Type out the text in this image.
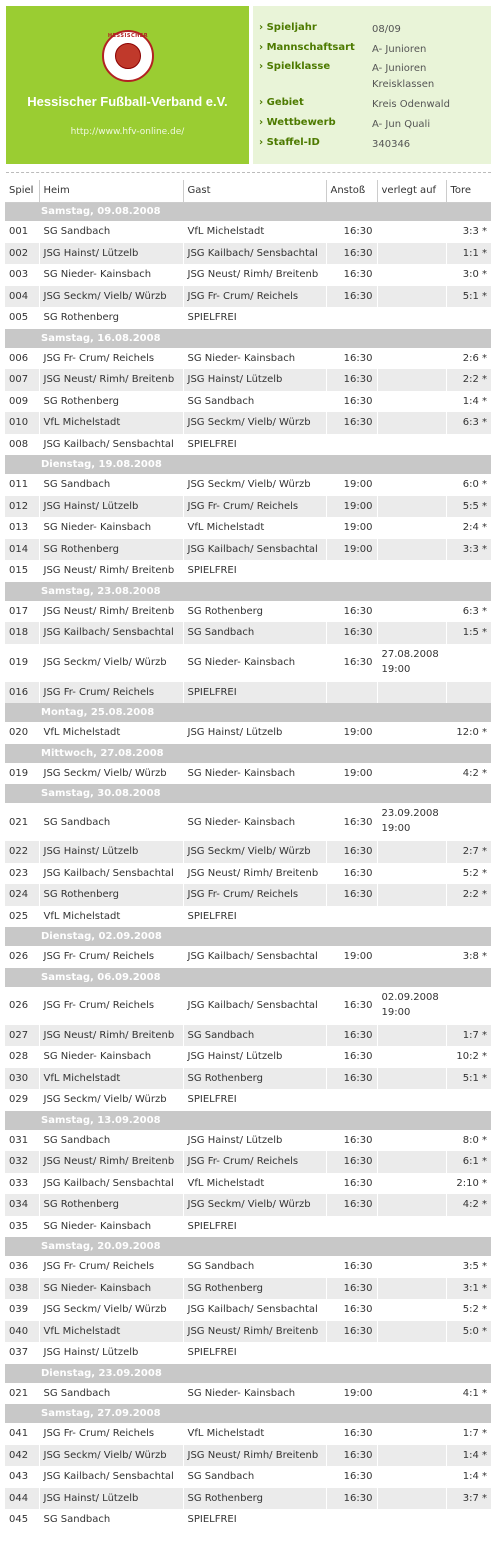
HESSISCHER
Hessischer Fußball-Verband e.V.
http://www.hfv-online.de/
› Spieljahr	08/09
› Mannschaftsart A- Junioren
› Spielklasse	A- Junioren Kreisklassen
› Gebiet	Kreis Odenwald
› Wettbewerb	A- Jun Quali
› Staffel-ID	340346
Spiel	Heim	Gast	Anstoß	verlegt auf	Tore
Samstag, 09.08.2008					
001	SG Sandbach	VfL Michelstadt	16:30		3:3 *
002	JSG Hainst/ Lützelb	JSG Kailbach/ Sensbachtal	16:30		1:1 *
003	SG Nieder- Kainsbach	JSG Neust/ Rimh/ Breitenb	16:30		3:0 *
004	JSG Seckm/ Vielb/ Würzb	JSG Fr- Crum/ Reichels	16:30		5:1 *
005	SG Rothenberg	SPIELFREI			
Samstag, 16.08.2008					
006	JSG Fr- Crum/ Reichels	SG Nieder- Kainsbach	16:30		2:6 *
007	JSG Neust/ Rimh/ Breitenb	JSG Hainst/ Lützelb	16:30		2:2 *
009	SG Rothenberg	SG Sandbach	16:30		1:4 *
010	VfL Michelstadt	JSG Seckm/ Vielb/ Würzb	16:30		6:3 *
008	JSG Kailbach/ Sensbachtal	SPIELFREI			
Dienstag, 19.08.2008					
011	SG Sandbach	JSG Seckm/ Vielb/ Würzb	19:00		6:0 *
012	JSG Hainst/ Lützelb	JSG Fr- Crum/ Reichels	19:00		5:5 *
013	SG Nieder- Kainsbach	VfL Michelstadt	19:00		2:4 *
014	SG Rothenberg	JSG Kailbach/ Sensbachtal	19:00		3:3 *
015	JSG Neust/ Rimh/ Breitenb	SPIELFREI			
Samstag, 23.08.2008					
017	JSG Neust/ Rimh/ Breitenb	SG Rothenberg	16:30		6:3 *
018	JSG Kailbach/ Sensbachtal	SG Sandbach	16:30		1:5 *
019	JSG Seckm/ Vielb/ Würzb	SG Nieder- Kainsbach	16:30	27.08.2008 19:00	
016	JSG Fr- Crum/ Reichels	SPIELFREI			
Montag, 25.08.2008					
020	VfL Michelstadt	JSG Hainst/ Lützelb	19:00		12:0 *
Mittwoch, 27.08.2008					
019	JSG Seckm/ Vielb/ Würzb	SG Nieder- Kainsbach	19:00		4:2 *
Samstag, 30.08.2008					
021	SG Sandbach	SG Nieder- Kainsbach	16:30	23.09.2008 19:00	
022	JSG Hainst/ Lützelb	JSG Seckm/ Vielb/ Würzb	16:30		2:7 *
023	JSG Kailbach/ Sensbachtal	JSG Neust/ Rimh/ Breitenb	16:30		5:2 *
024	SG Rothenberg	JSG Fr- Crum/ Reichels	16:30		2:2 *
025	VfL Michelstadt	SPIELFREI			
Dienstag, 02.09.2008					
026	JSG Fr- Crum/ Reichels	JSG Kailbach/ Sensbachtal	19:00		3:8 *
Samstag, 06.09.2008					
026	JSG Fr- Crum/ Reichels	JSG Kailbach/ Sensbachtal	16:30	02.09.2008 19:00	
027	JSG Neust/ Rimh/ Breitenb	SG Sandbach	16:30		1:7 *
028	SG Nieder- Kainsbach	JSG Hainst/ Lützelb	16:30		10:2 *
030	VfL Michelstadt	SG Rothenberg	16:30		5:1 *
029	JSG Seckm/ Vielb/ Würzb	SPIELFREI			
Samstag, 13.09.2008					
031	SG Sandbach	JSG Hainst/ Lützelb	16:30		8:0 *
032	JSG Neust/ Rimh/ Breitenb	JSG Fr- Crum/ Reichels	16:30		6:1 *
033	JSG Kailbach/ Sensbachtal	VfL Michelstadt	16:30		2:10 *
034	SG Rothenberg	JSG Seckm/ Vielb/ Würzb	16:30		4:2 *
035	SG Nieder- Kainsbach	SPIELFREI			
Samstag, 20.09.2008					
036	JSG Fr- Crum/ Reichels	SG Sandbach	16:30		3:5 *
038	SG Nieder- Kainsbach	SG Rothenberg	16:30		3:1 *
039	JSG Seckm/ Vielb/ Würzb	JSG Kailbach/ Sensbachtal	16:30		5:2 *
040	VfL Michelstadt	JSG Neust/ Rimh/ Breitenb	16:30		5:0 *
037	JSG Hainst/ Lützelb	SPIELFREI			
Dienstag, 23.09.2008					
021	SG Sandbach	SG Nieder- Kainsbach	19:00		4:1 *
Samstag, 27.09.2008					
041	JSG Fr- Crum/ Reichels	VfL Michelstadt	16:30		1:7 *
042	JSG Seckm/ Vielb/ Würzb	JSG Neust/ Rimh/ Breitenb	16:30		1:4 *
043	JSG Kailbach/ Sensbachtal	SG Sandbach	16:30		1:4 *
044	JSG Hainst/ Lützelb	SG Rothenberg	16:30		3:7 *
045	SG Sandbach	SPIELFREI			
